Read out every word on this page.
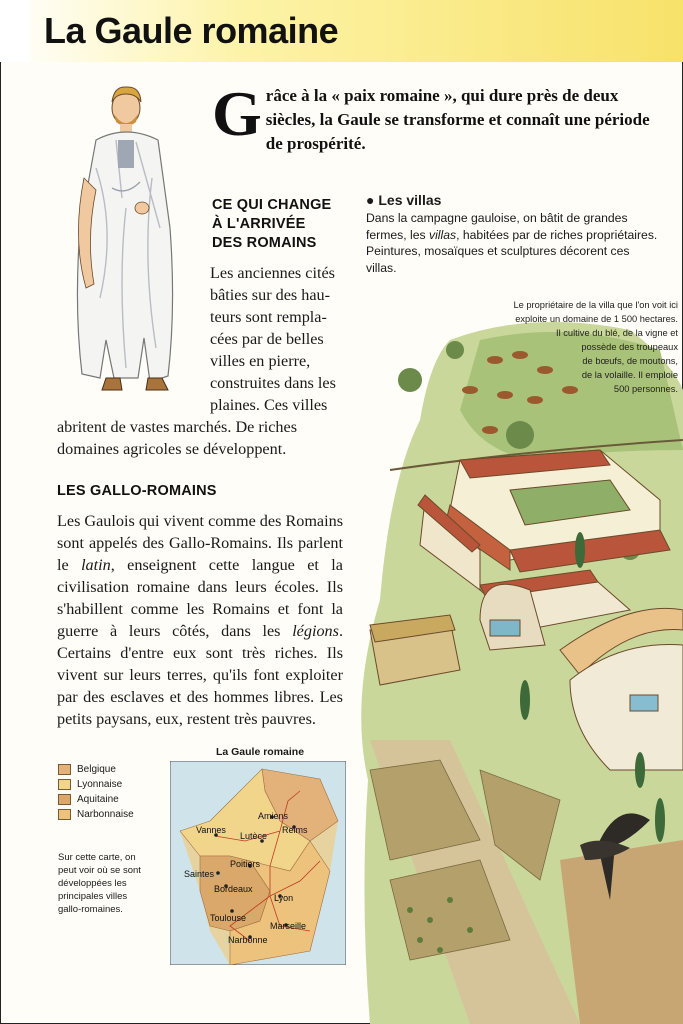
La Gaule romaine
G râce à la « paix romaine », qui dure près de deux siècles, la Gaule se transforme et connaît une période de prospérité.
CE QUI CHANGE
À L'ARRIVÉE
DES ROMAINS
Les anciennes cités
bâties sur des hau-
teurs sont rempla-
cées par de belles
villes en pierre,
construites dans les
plaines. Ces villes
abritent de vastes marchés. De riches
domaines agricoles se développent.
LES GALLO-ROMAINS
Les Gaulois qui vivent comme des Romains sont appelés des Gallo-Romains. Ils parlent le latin, enseignent cette langue et la civilisation romaine dans leurs écoles. Ils s'habillent comme les Romains et font la guerre à leurs côtés, dans les légions. Certains d'entre eux sont très riches. Ils vivent sur leurs terres, qu'ils font exploiter par des esclaves et des hommes libres. Les petits paysans, eux, restent très pauvres.
● Les villas
Dans la campagne gauloise, on bâtit de grandes fermes, les villas, habitées par de riches propriétaires. Peintures, mosaïques et sculptures décorent ces villas.
Le propriétaire de la villa que l'on voit ici
exploite un domaine de 1 500 hectares.
Il cultive du blé, de la vigne et
possède des troupeaux
de bœufs, de moutons,
de la volaille. Il emploie
500 personnes.
Belgique
Lyonnaise
Aquitaine
Narbonnaise
Sur cette carte, on peut voir où se sont développées les principales villes gallo-romaines.
La Gaule romaine
Amiens
Reims
Vannes
Lutèce
Poitiers
Saintes
Bordeaux
Lyon
Toulouse
Marseille
Narbonne
